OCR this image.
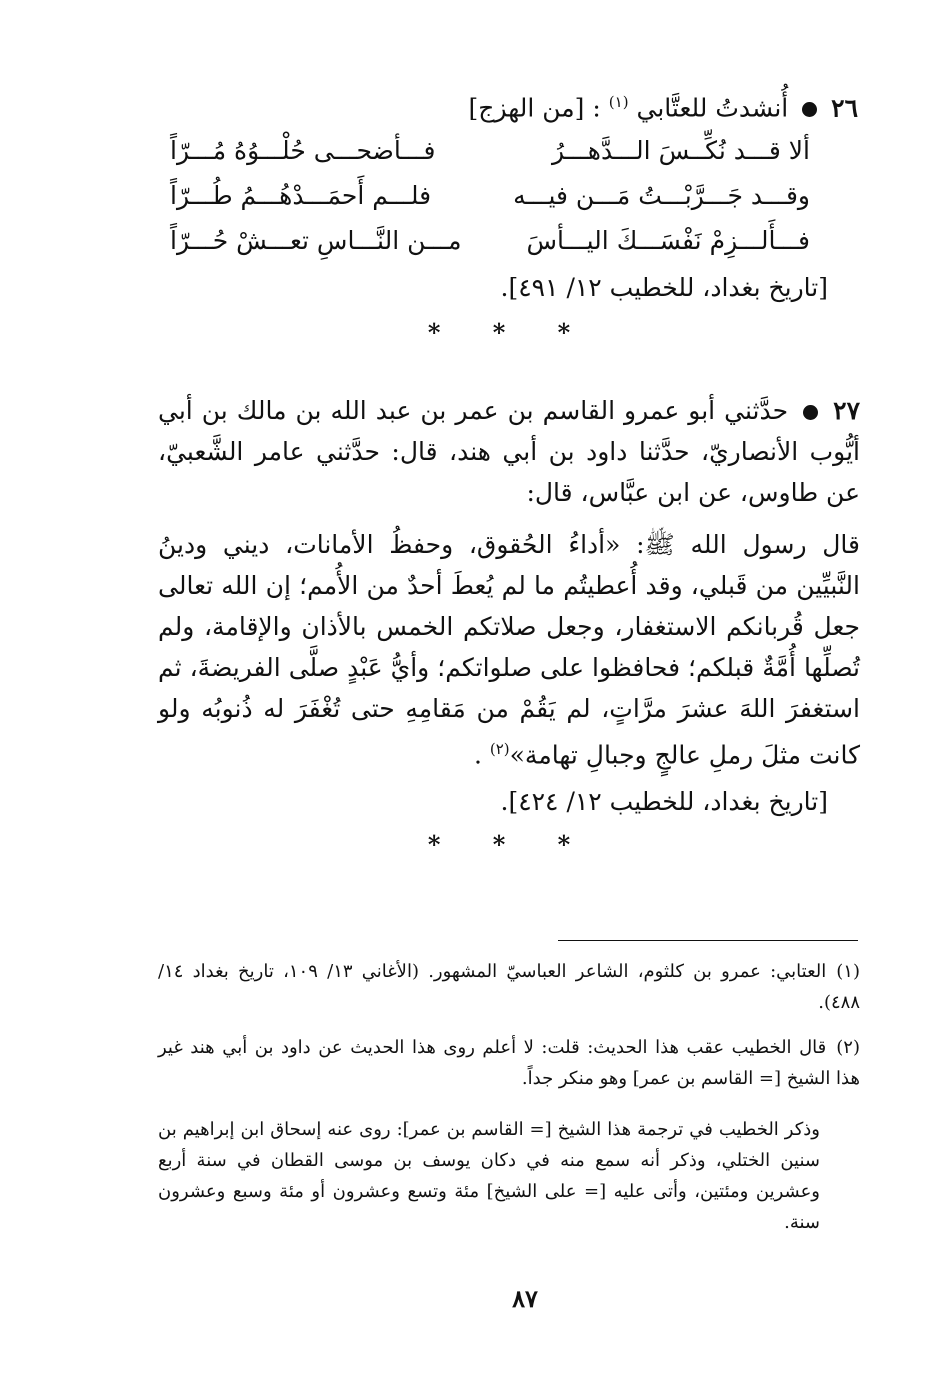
٢٦  أُنشدتُ للعتَّابي $^{(١)}$ : [من الهزج]
ألا قـــد نُكِّــسَ الـــدَّهـــرُ
فـــأضحـــى حُلْـــوُهُ مُـــرّاً
وقـــد جَـــرَّبْـــتُ مَـــن فيـــه
فلـــم أَحمَـــدْهُـــمُ طُـــرّاً
فـــأَلـــزِمْ نَفْسَـــكَ اليـــأسَ
مـــن النَّـــاسِ تعـــشْ حُـــرّاً
[تاريخ بغداد، للخطيب ١٢/ ٤٩١].
* * *
٢٧  حدَّثني أبو عمرو القاسم بن عمر بن عبد الله بن مالك بن أبي أيُّوب الأنصاريّ، حدَّثنا داود بن أبي هند، قال: حدَّثني عامر الشَّعبيّ، عن طاوس، عن ابن عبَّاس، قال:
قال رسول الله ﷺ: «أداءُ الحُقوق، وحفظُ الأمانات، ديني ودينُ النَّبيِّين من قَبلي، وقد أُعطيتُم ما لم يُعطَ أحدٌ من الأُمم؛ إن الله تعالى جعل قُربانكم الاستغفار، وجعل صلاتكم الخمس بالأذان والإقامة، ولم تُصلِّها أُمَّةٌ قبلكم؛ فحافظوا على صلواتكم؛ وأيُّ عَبْدٍ صلَّى الفريضةَ، ثم استغفرَ اللهَ عشرَ مرَّاتٍ، لم يَقُمْ من مَقامِهِ حتى تُغْفَرَ له ذُنوبُه ولو كانت مثلَ رملِ عالجٍ وجبالِ تهامة»$^{(٢)}$ .
[تاريخ بغداد، للخطيب ١٢/ ٤٢٤].
* * *
(١)العتابي: عمرو بن كلثوم، الشاعر العباسيّ المشهور. (الأغاني ١٣/ ١٠٩، تاريخ بغداد ١٤/ ٤٨٨).
(٢)قال الخطيب عقب هذا الحديث: قلت: لا أعلم روى هذا الحديث عن داود بن أبي هند غير هذا الشيخ [= القاسم بن عمر] وهو منكر جداً.
وذكر الخطيب في ترجمة هذا الشيخ [= القاسم بن عمر]: روى عنه إسحاق ابن إبراهيم بن سنين الختلي، وذكر أنه سمع منه في دكان يوسف بن موسى القطان في سنة أربع وعشرين ومئتين، وأتى عليه [= على الشيخ] مئة وتسع وعشرون أو مئة وسبع وعشرون سنة.
٨٧
